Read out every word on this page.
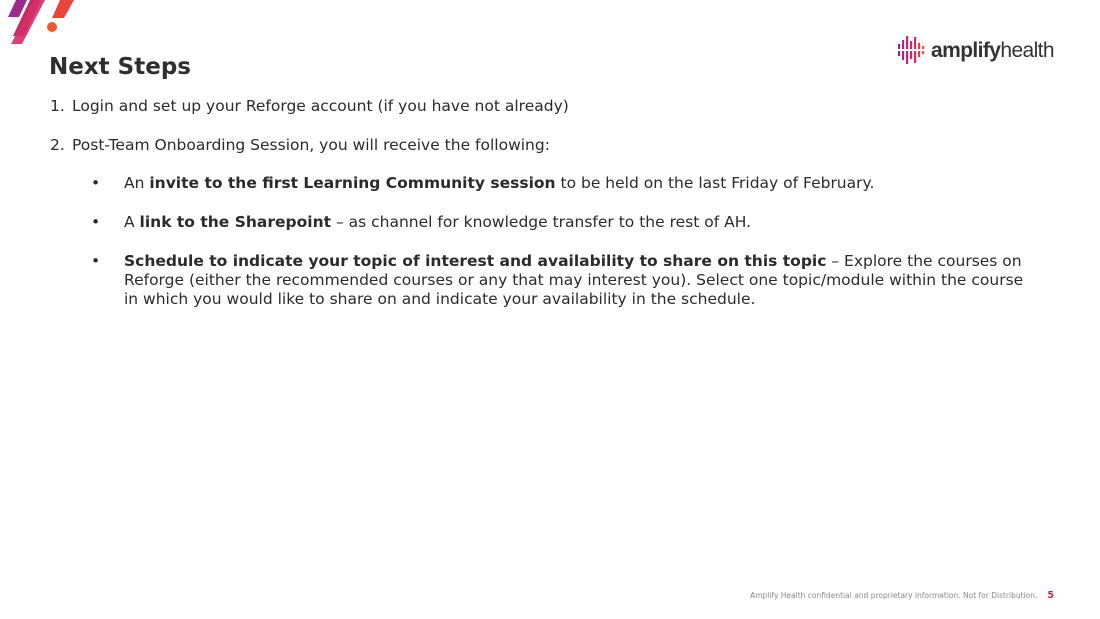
amplifyhealth
Next Steps
1. Login and set up your Reforge account (if you have not already)
2. Post-Team Onboarding Session, you will receive the following:
•	An invite to the first Learning Community session to be held on the last Friday of February.
•	A link to the Sharepoint – as channel for knowledge transfer to the rest of AH.
•	Schedule to indicate your topic of interest and availability to share on this topic – Explore the courses on Reforge (either the recommended courses or any that may interest you). Select one topic/module within the course in which you would like to share on and indicate your availability in the schedule.
Amplify Health confidential and proprietary information. Not for Distribution. 5
